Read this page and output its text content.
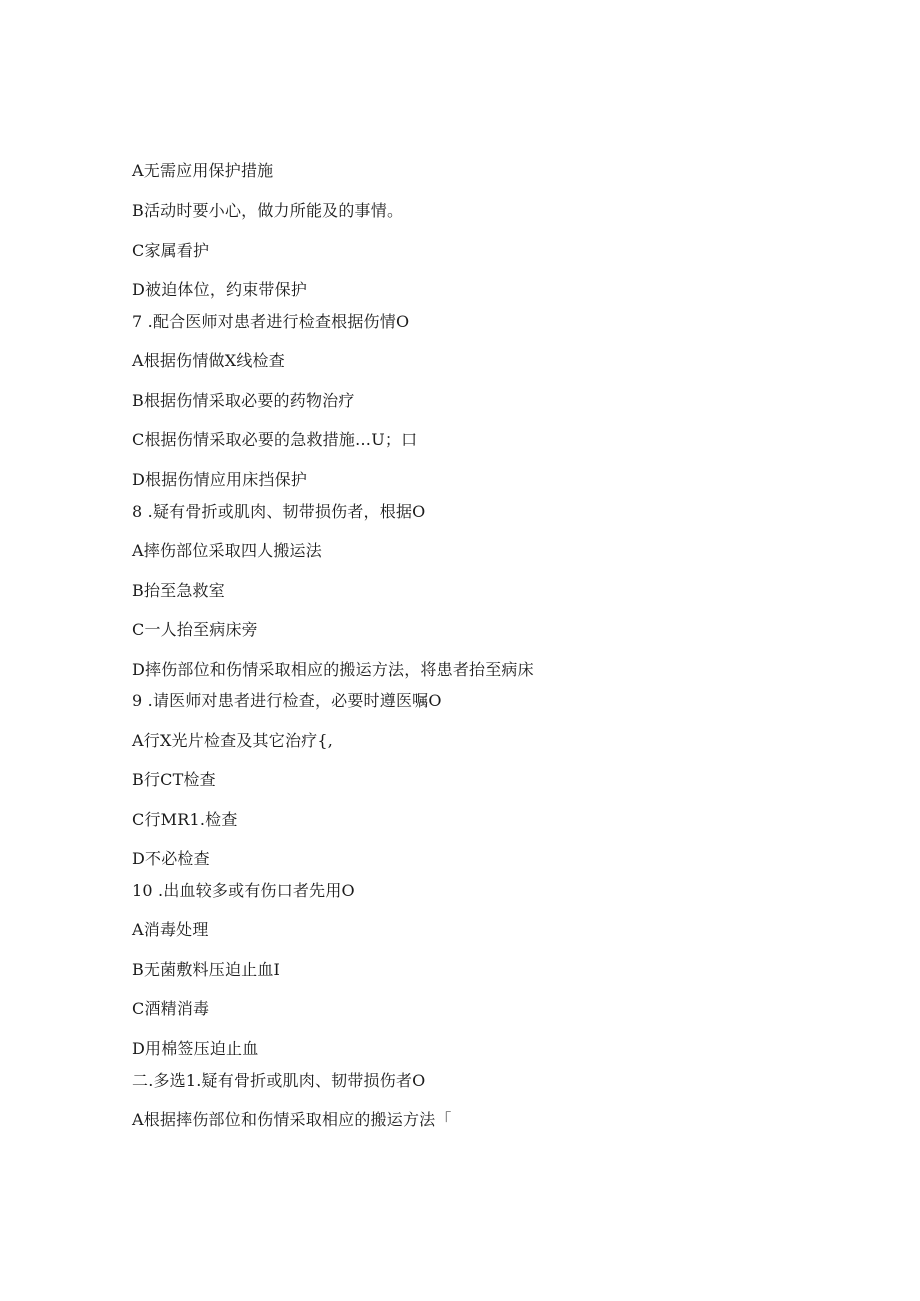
A无需应用保护措施
B活动时要小心，做力所能及的事情。
C家属看护
D被迫体位，约束带保护
7 .配合医师对患者进行检查根据伤情O
A根据伤情做X线检查
B根据伤情采取必要的药物治疗
C根据伤情采取必要的急救措施…U；口
D根据伤情应用床挡保护
8 .疑有骨折或肌肉、韧带损伤者，根据O
A摔伤部位采取四人搬运法
B抬至急救室
C一人抬至病床旁
D摔伤部位和伤情采取相应的搬运方法，将患者抬至病床
9 .请医师对患者进行检查，必要时遵医嘱O
A行X光片检查及其它治疗{,
B行CT检查
C行MR1.检查
D不必检查
10 .出血较多或有伤口者先用O
A消毒处理
B无菌敷料压迫止血I
C酒精消毒
D用棉签压迫止血
二.多选1.疑有骨折或肌肉、韧带损伤者O
A根据摔伤部位和伤情采取相应的搬运方法「
